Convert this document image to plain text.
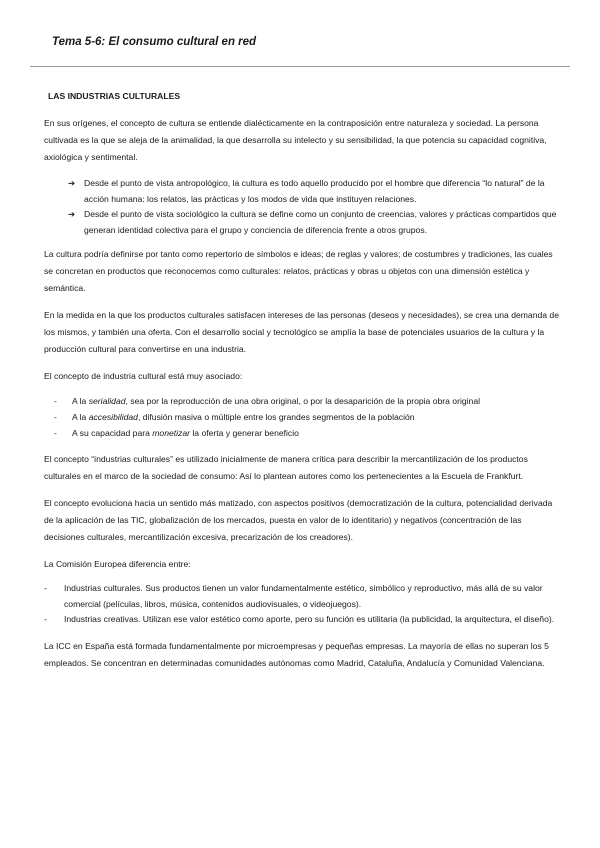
Tema 5-6: El consumo cultural en red
LAS INDUSTRIAS CULTURALES

En sus orígenes, el concepto de cultura se entiende dialécticamente en la contraposición entre naturaleza y sociedad. La persona cultivada es la que se aleja de la animalidad, la que desarrolla su intelecto y su sensibilidad, la que potencia su capacidad cognitiva, axiológica y sentimental.

➔ Desde el punto de vista antropológico, la cultura es todo aquello producido por el hombre que diferencia “lo natural” de la acción humana: los relatos, las prácticas y los modos de vida que instituyen relaciones.
➔ Desde el punto de vista sociológico la cultura se define como un conjunto de creencias, valores y prácticas compartidos que generan identidad colectiva para el grupo y conciencia de diferencia frente a otros grupos.

La cultura podría definirse por tanto como repertorio de símbolos e ideas; de reglas y valores; de costumbres y tradiciones, las cuales se concretan en productos que reconocemos como culturales: relatos, prácticas y obras u objetos con una dimensión estética y semántica.

En la medida en la que los productos culturales satisfacen intereses de las personas (deseos y necesidades), se crea una demanda de los mismos, y también una oferta. Con el desarrollo social y tecnológico se amplía la base de potenciales usuarios de la cultura y la producción cultural para convertirse en una industria.

El concepto de industria cultural está muy asociado:

- A la serialidad, sea por la reproducción de una obra original, o por la desaparición de la propia obra original
- A la accesibilidad, difusión masiva o múltiple entre los grandes segmentos de la población
- A su capacidad para monetizar la oferta y generar beneficio

El concepto “industrias culturales” es utilizado inicialmente de manera crítica para describir la mercantilización de los productos culturales en el marco de la sociedad de consumo: Así lo plantean autores como los pertenecientes a la Escuela de Frankfurt.

El concepto evoluciona hacia un sentido más matizado, con aspectos positivos (democratización de la cultura, potencialidad derivada de la aplicación de las TIC, globalización de los mercados, puesta en valor de lo identitario) y negativos (concentración de las decisiones culturales, mercantilización excesiva, precarización de los creadores).

La Comisión Europea diferencia entre:

- Industrias culturales. Sus productos tienen un valor fundamentalmente estético, simbólico y reproductivo, más allá de su valor comercial (películas, libros, música, contenidos audiovisuales, o videojuegos).
- Industrias creativas. Utilizan ese valor estético como aporte, pero su función es utilitaria (la publicidad, la arquitectura, el diseño).

La ICC en España está formada fundamentalmente por microempresas y pequeñas empresas. La mayoría de ellas no superan los 5 empleados. Se concentran en determinadas comunidades autónomas como Madrid, Cataluña, Andalucía y Comunidad Valenciana.
